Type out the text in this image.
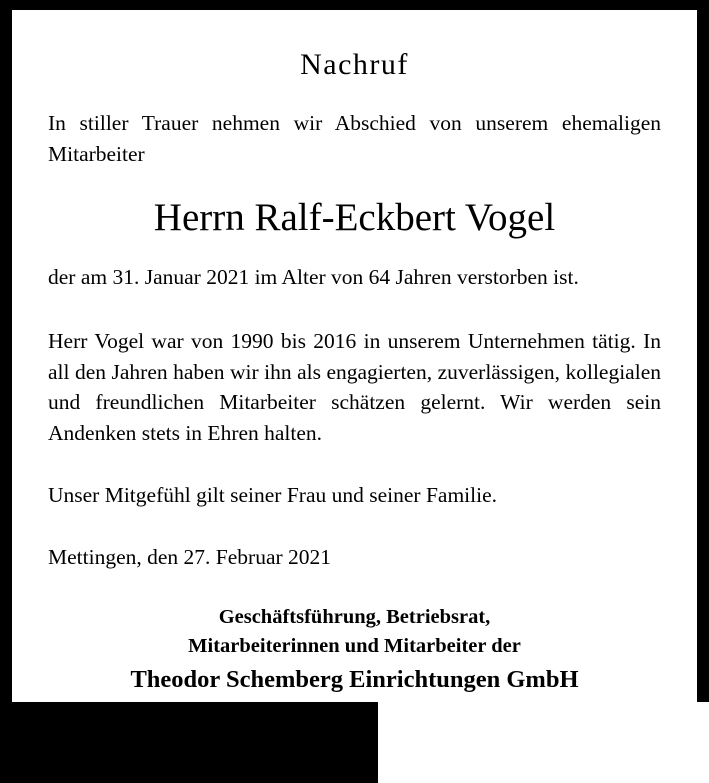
Nachruf
In stiller Trauer nehmen wir Abschied von unserem ehemaligen Mitarbeiter
Herrn Ralf-Eckbert Vogel
der am 31. Januar 2021 im Alter von 64 Jahren verstorben ist.
Herr Vogel war von 1990 bis 2016 in unserem Unternehmen tätig. In all den Jahren haben wir ihn als engagierten, zuverlässigen, kollegialen und freundlichen Mitarbeiter schätzen gelernt. Wir werden sein Andenken stets in Ehren halten.
Unser Mitgefühl gilt seiner Frau und seiner Familie.
Mettingen, den 27. Februar 2021
Geschäftsführung, Betriebsrat,
Mitarbeiterinnen und Mitarbeiter der
Theodor Schemberg Einrichtungen GmbH
